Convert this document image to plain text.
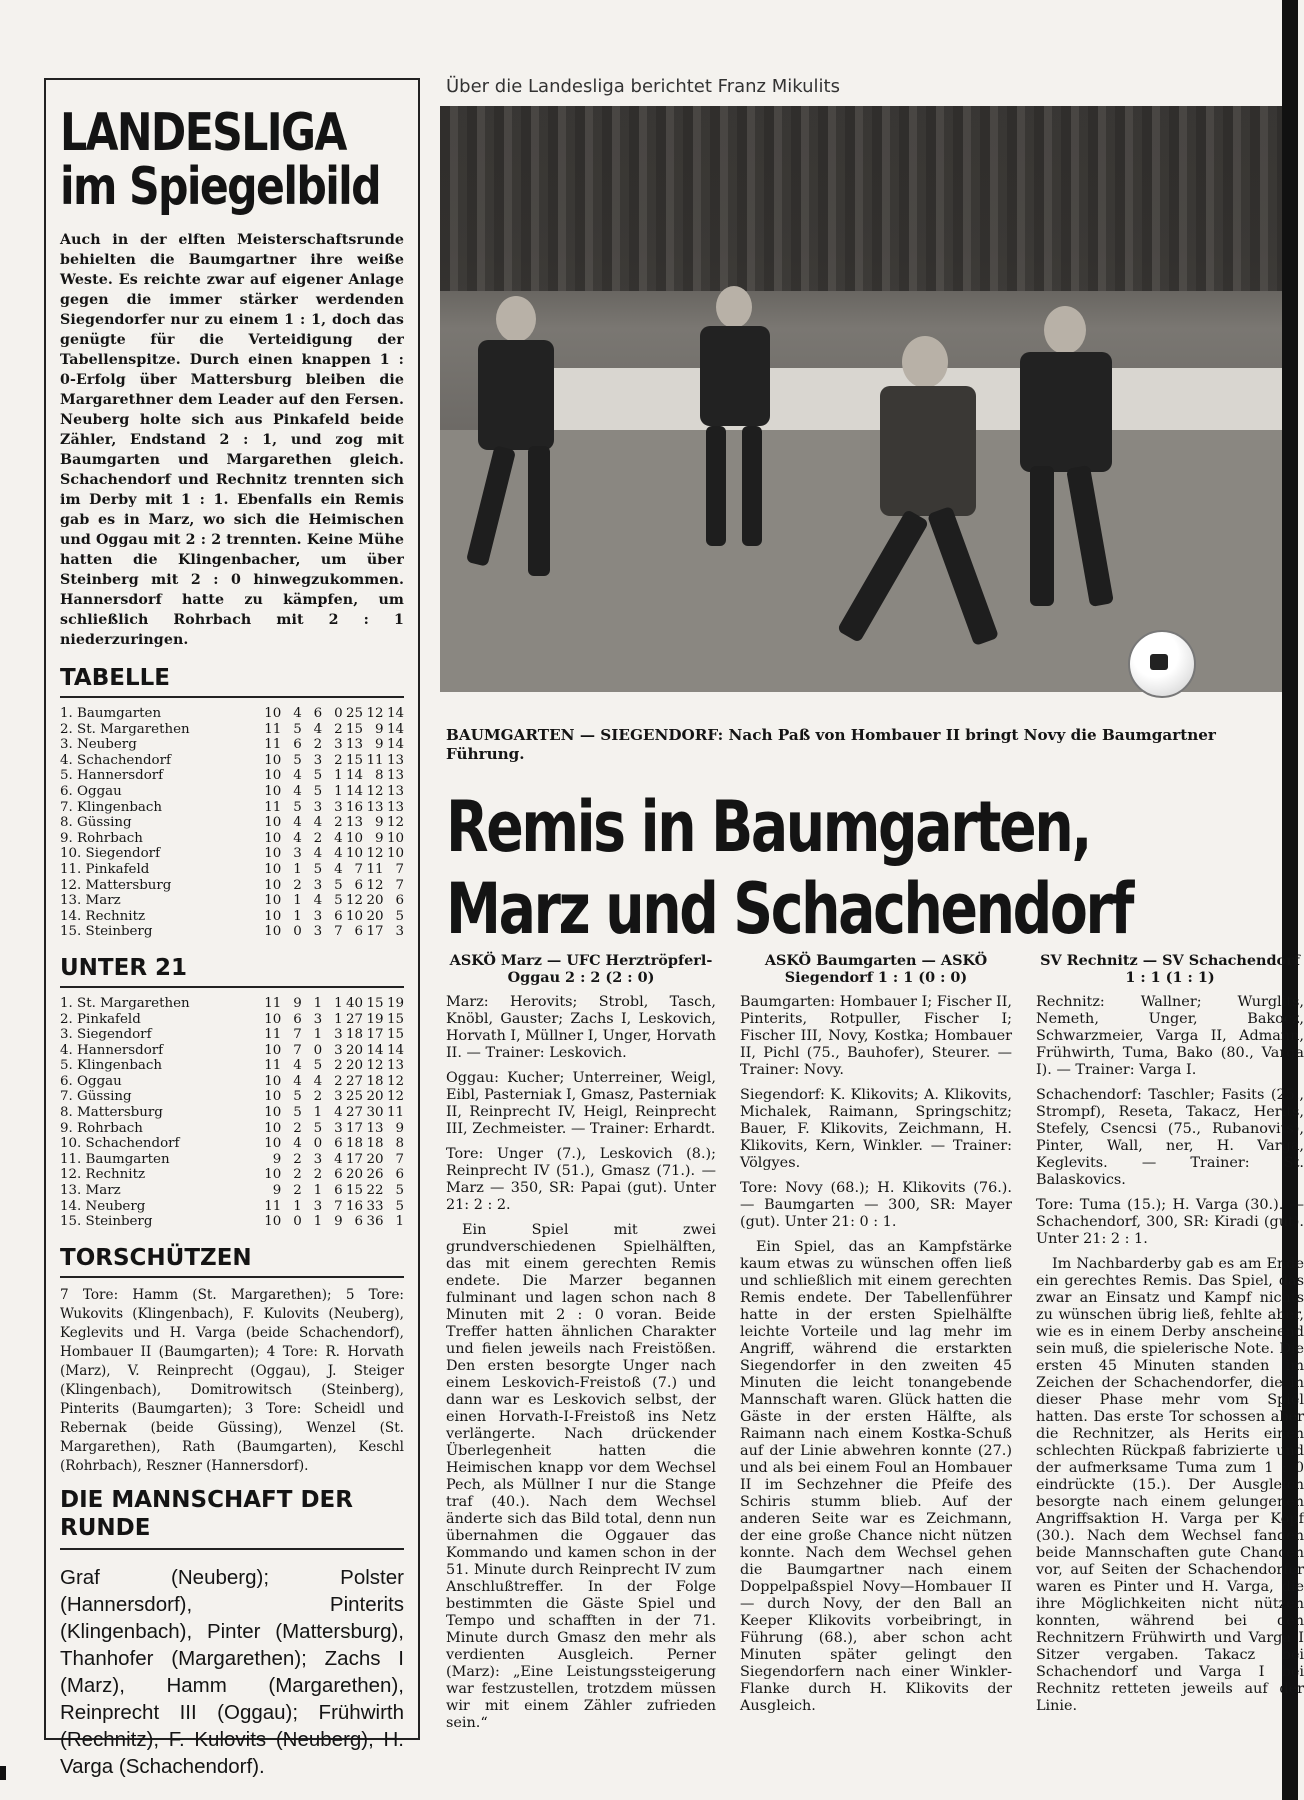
Über die Landesliga berichtet Franz Mikulits
LANDESLIGA
im Spiegelbild

Auch in der elften Meisterschaftsrunde behielten die Baumgartner ihre weiße Weste. Es reichte zwar auf eigener Anlage gegen die immer stärker werdenden Siegendorfer nur zu einem 1 : 1, doch das genügte für die Verteidigung der Tabellenspitze. Durch einen knappen 1 : 0-Erfolg über Mattersburg bleiben die Margarethner dem Leader auf den Fersen. Neuberg holte sich aus Pinkafeld beide Zähler, Endstand 2 : 1, und zog mit Baumgarten und Margarethen gleich. Schachendorf und Rechnitz trennten sich im Derby mit 1 : 1. Ebenfalls ein Remis gab es in Marz, wo sich die Heimischen und Oggau mit 2 : 2 trennten. Keine Mühe hatten die Klingenbacher, um über Steinberg mit 2 : 0 hinwegzukommen. Hannersdorf hatte zu kämpfen, um schließlich Rohrbach mit 2 : 1 niederzuringen.

TABELLE
1. Baumgarten	10	4	6	0	25	12	14
2. St. Margarethen	11	5	4	2	15	9	14
3. Neuberg	11	6	2	3	13	9	14
4. Schachendorf	10	5	3	2	15	11	13
5. Hannersdorf	10	4	5	1	14	8	13
6. Oggau	10	4	5	1	14	12	13
7. Klingenbach	11	5	3	3	16	13	13
8. Güssing	10	4	4	2	13	9	12
9. Rohrbach	10	4	2	4	10	9	10
10. Siegendorf	10	3	4	4	10	12	10
11. Pinkafeld	10	1	5	4	7	11	7
12. Mattersburg	10	2	3	5	6	12	7
13. Marz	10	1	4	5	12	20	6
14. Rechnitz	10	1	3	6	10	20	5
15. Steinberg	10	0	3	7	6	17	3
UNTER 21
1. St. Margarethen	11	9	1	1	40	15	19
2. Pinkafeld	10	6	3	1	27	19	15
3. Siegendorf	11	7	1	3	18	17	15
4. Hannersdorf	10	7	0	3	20	14	14
5. Klingenbach	11	4	5	2	20	12	13
6. Oggau	10	4	4	2	27	18	12
7. Güssing	10	5	2	3	25	20	12
8. Mattersburg	10	5	1	4	27	30	11
9. Rohrbach	10	2	5	3	17	13	9
10. Schachendorf	10	4	0	6	18	18	8
11. Baumgarten	9	2	3	4	17	20	7
12. Rechnitz	10	2	2	6	20	26	6
13. Marz	9	2	1	6	15	22	5
14. Neuberg	11	1	3	7	16	33	5
15. Steinberg	10	0	1	9	6	36	1
TORSCHÜTZEN

7 Tore: Hamm (St. Margarethen); 5 Tore: Wukovits (Klingenbach), F. Kulovits (Neuberg), Keglevits und H. Varga (beide Schachendorf), Hombauer II (Baumgarten); 4 Tore: R. Horvath (Marz), V. Reinprecht (Oggau), J. Steiger (Klingenbach), Domitrowitsch (Steinberg), Pinterits (Baumgarten); 3 Tore: Scheidl und Rebernak (beide Güssing), Wenzel (St. Margarethen), Rath (Baumgarten), Keschl (Rohrbach), Reszner (Hannersdorf).

DIE MANNSCHAFT DER RUNDE

Graf (Neuberg); Polster (Hannersdorf), Pinterits (Klingenbach), Pinter (Mattersburg), Thanhofer (Margarethen); Zachs I (Marz), Hamm (Margarethen), Reinprecht III (Oggau); Frühwirth (Rechnitz), F. Kulovits (Neuberg), H. Varga (Schachendorf).

BAUMGARTEN — SIEGENDORF: Nach Paß von Hombauer II bringt Novy die Baumgartner Führung.

Remis in Baumgarten,
Marz und Schachendorf
ASKÖ Marz — UFC Herztröpferl-Oggau 2 : 2 (2 : 0)

Marz: Herovits; Strobl, Tasch, Knöbl, Gauster; Zachs I, Leskovich, Horvath I, Müllner I, Unger, Horvath II. — Trainer: Leskovich.

Oggau: Kucher; Unterreiner, Weigl, Eibl, Pasterniak I, Gmasz, Pasterniak II, Reinprecht IV, Heigl, Reinprecht III, Zechmeister. — Trainer: Erhardt.

Tore: Unger (7.), Leskovich (8.); Reinprecht IV (51.), Gmasz (71.). — Marz — 350, SR: Papai (gut). Unter 21: 2 : 2.

Ein Spiel mit zwei grundverschiedenen Spielhälften, das mit einem gerechten Remis endete. Die Marzer begannen fulminant und lagen schon nach 8 Minuten mit 2 : 0 voran. Beide Treffer hatten ähnlichen Charakter und fielen jeweils nach Freistößen. Den ersten besorgte Unger nach einem Leskovich-Freistoß (7.) und dann war es Leskovich selbst, der einen Horvath-I-Freistoß ins Netz verlängerte. Nach drückender Überlegenheit hatten die Heimischen knapp vor dem Wechsel Pech, als Müllner I nur die Stange traf (40.). Nach dem Wechsel änderte sich das Bild total, denn nun übernahmen die Oggauer das Kommando und kamen schon in der 51. Minute durch Reinprecht IV zum Anschlußtreffer. In der Folge bestimmten die Gäste Spiel und Tempo und schafften in der 71. Minute durch Gmasz den mehr als verdienten Ausgleich. Perner (Marz): „Eine Leistungssteigerung war festzustellen, trotzdem müssen wir mit einem Zähler zufrieden sein.“

ASKÖ Baumgarten — ASKÖ Siegendorf 1 : 1 (0 : 0)

Baumgarten: Hombauer I; Fischer II, Pinterits, Rotpuller, Fischer I; Fischer III, Novy, Kostka; Hombauer II, Pichl (75., Bauhofer), Steurer. — Trainer: Novy.

Siegendorf: K. Klikovits; A. Klikovits, Michalek, Raimann, Springschitz; Bauer, F. Klikovits, Zeichmann, H. Klikovits, Kern, Winkler. — Trainer: Völgyes.

Tore: Novy (68.); H. Klikovits (76.). — Baumgarten — 300, SR: Mayer (gut). Unter 21: 0 : 1.

Ein Spiel, das an Kampfstärke kaum etwas zu wünschen offen ließ und schließlich mit einem gerechten Remis endete. Der Tabellenführer hatte in der ersten Spielhälfte leichte Vorteile und lag mehr im Angriff, während die erstarkten Siegendorfer in den zweiten 45 Minuten die leicht tonangebende Mannschaft waren. Glück hatten die Gäste in der ersten Hälfte, als Raimann nach einem Kostka-Schuß auf der Linie abwehren konnte (27.) und als bei einem Foul an Hombauer II im Sechzehner die Pfeife des Schiris stumm blieb. Auf der anderen Seite war es Zeichmann, der eine große Chance nicht nützen konnte. Nach dem Wechsel gehen die Baumgartner nach einem Doppelpaßspiel Novy—Hombauer II — durch Novy, der den Ball an Keeper Klikovits vorbeibringt, in Führung (68.), aber schon acht Minuten später gelingt den Siegendorfern nach einer Winkler-Flanke durch H. Klikovits der Ausgleich.

SV Rechnitz — SV Schachendorf 1 : 1 (1 : 1)

Rechnitz: Wallner; Wurglits, Nemeth, Unger, Bakocz, Schwarzmeier, Varga II, Admann, Frühwirth, Tuma, Bako (80., Varga I). — Trainer: Varga I.

Schachendorf: Taschler; Fasits (25., Strompf), Reseta, Takacz, Herits, Stefely, Csencsi (75., Rubanovits), Pinter, Wall, ner, H. Varga, Keglevits. — Trainer: St. Balaskovics.

Tore: Tuma (15.); H. Varga (30.). — Schachendorf, 300, SR: Kiradi (gut). Unter 21: 2 : 1.

Im Nachbarderby gab es am Ende ein gerechtes Remis. Das Spiel, das zwar an Einsatz und Kampf nichts zu wünschen übrig ließ, fehlte aber, wie es in einem Derby anscheinend sein muß, die spielerische Note. Die ersten 45 Minuten standen im Zeichen der Schachendorfer, die in dieser Phase mehr vom Spiel hatten. Das erste Tor schossen aber die Rechnitzer, als Herits einen schlechten Rückpaß fabrizierte und der aufmerksame Tuma zum 1 : 0 eindrückte (15.). Der Ausgleich besorgte nach einem gelungenen Angriffsaktion H. Varga per Kopf (30.). Nach dem Wechsel fanden beide Mannschaften gute Chancen vor, auf Seiten der Schachendorfer waren es Pinter und H. Varga, die ihre Möglichkeiten nicht nützen konnten, während bei den Rechnitzern Frühwirth und Varga I Sitzer vergaben. Takacz bei Schachendorf und Varga I bei Rechnitz retteten jeweils auf der Linie.
